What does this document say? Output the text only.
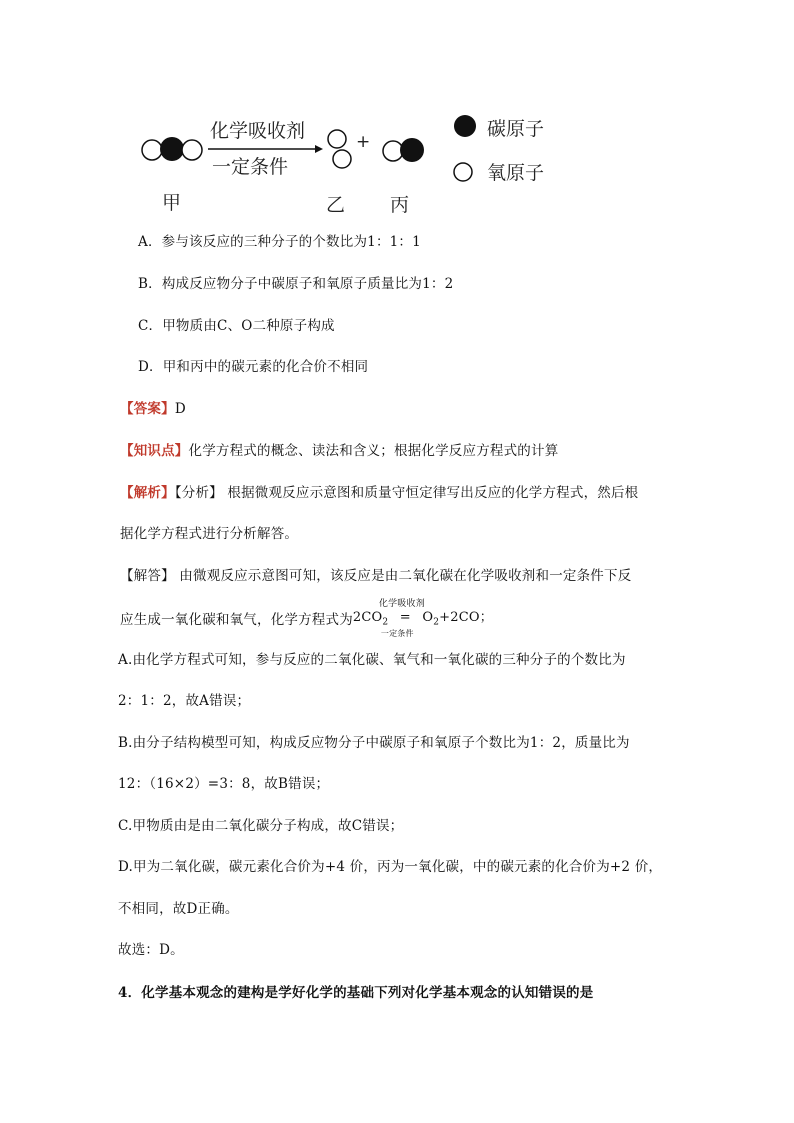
化学吸收剂
一定条件
+
甲	乙 丙
碳原子
氧原子
A．参与该反应的三种分子的个数比为1：1：1
B．构成反应物分子中碳原子和氧原子质量比为1：2
C．甲物质由C、O二种原子构成
D．甲和丙中的碳元素的化合价不相同
【答案】D
【知识点】化学方程式的概念、读法和含义；根据化学反应方程式的计算
【解析】【分析】 根据微观反应示意图和质量守恒定律写出反应的化学方程式，然后根
据化学方程式进行分析解答。
【解答】 由微观反应示意图可知，该反应是由二氧化碳在化学吸收剂和一定条件下反
应生成一氧化碳和氧气，化学方程式为$2CO_2$ =
化学吸收剂
一定条件
$O_2+2CO$；
A.由化学方程式可知，参与反应的二氧化碳、氧气和一氧化碳的三种分子的个数比为
2：1：2，故A错误；
B.由分子结构模型可知，构成反应物分子中碳原子和氧原子个数比为1：2，质量比为
12：（16×2）=3：8，故B错误；
C.甲物质由是由二氧化碳分子构成，故C错误；
D.甲为二氧化碳，碳元素化合价为+4 价，丙为一氧化碳，中的碳元素的化合价为+2 价，
不相同，故D正确。
故选：D。
4．化学基本观念的建构是学好化学的基础下列对化学基本观念的认知错误的是
